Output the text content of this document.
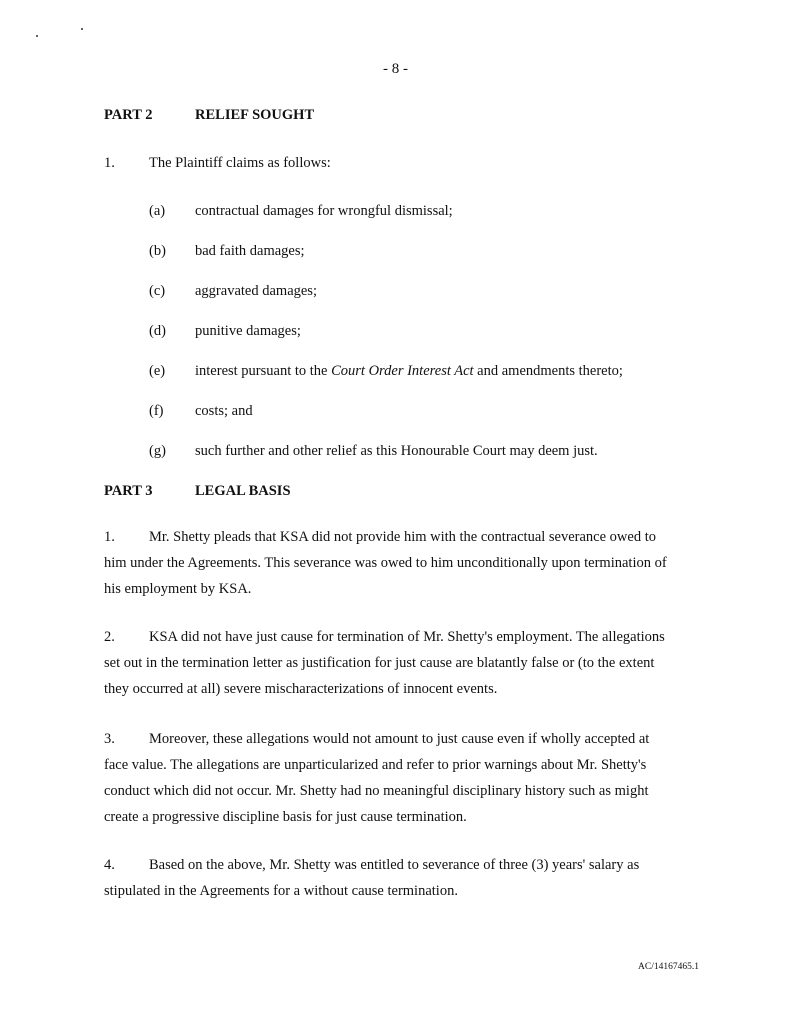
- 8 -
PART 2	RELIEF SOUGHT
1. The Plaintiff claims as follows:
(a) contractual damages for wrongful dismissal;
(b) bad faith damages;
(c) aggravated damages;
(d) punitive damages;
(e) interest pursuant to the Court Order Interest Act and amendments thereto;
(f) costs; and
(g) such further and other relief as this Honourable Court may deem just.
PART 3	LEGAL BASIS
1. Mr. Shetty pleads that KSA did not provide him with the contractual severance owed to
him under the Agreements. This severance was owed to him unconditionally upon termination of
his employment by KSA.
2. KSA did not have just cause for termination of Mr. Shetty's employment. The allegations
set out in the termination letter as justification for just cause are blatantly false or (to the extent
they occurred at all) severe mischaracterizations of innocent events.
3. Moreover, these allegations would not amount to just cause even if wholly accepted at
face value. The allegations are unparticularized and refer to prior warnings about Mr. Shetty's
conduct which did not occur. Mr. Shetty had no meaningful disciplinary history such as might
create a progressive discipline basis for just cause termination.
4. Based on the above, Mr. Shetty was entitled to severance of three (3) years' salary as
stipulated in the Agreements for a without cause termination.
AC/14167465.1
